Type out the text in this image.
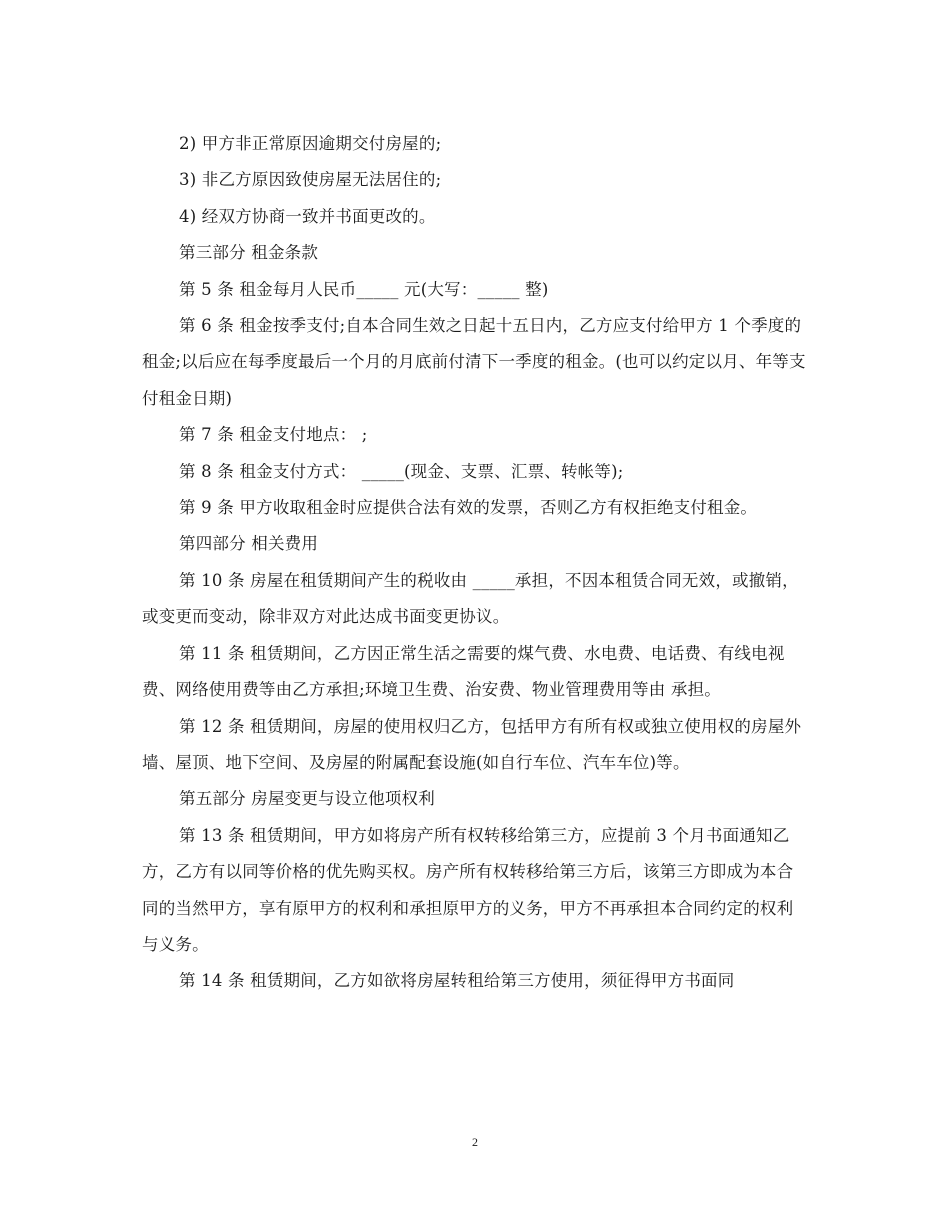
2) 甲方非正常原因逾期交付房屋的;

3) 非乙方原因致使房屋无法居住的;

4) 经双方协商一致并书面更改的。

第三部分 租金条款

第 5 条 租金每月人民币_____ 元(大写：_____ 整)

第 6 条 租金按季支付;自本合同生效之日起十五日内，乙方应支付给甲方 1 个季度的租金;以后应在每季度最后一个月的月底前付清下一季度的租金。(也可以约定以月、年等支付租金日期)

第 7 条 租金支付地点： ;

第 8 条 租金支付方式： _____(现金、支票、汇票、转帐等);

第 9 条 甲方收取租金时应提供合法有效的发票，否则乙方有权拒绝支付租金。

第四部分 相关费用

第 10 条 房屋在租赁期间产生的税收由 _____承担，不因本租赁合同无效，或撤销，或变更而变动，除非双方对此达成书面变更协议。

第 11 条 租赁期间，乙方因正常生活之需要的煤气费、水电费、电话费、有线电视费、网络使用费等由乙方承担;环境卫生费、治安费、物业管理费用等由 承担。

第 12 条 租赁期间，房屋的使用权归乙方，包括甲方有所有权或独立使用权的房屋外墙、屋顶、地下空间、及房屋的附属配套设施(如自行车位、汽车车位)等。

第五部分 房屋变更与设立他项权利

第 13 条 租赁期间，甲方如将房产所有权转移给第三方，应提前 3 个月书面通知乙方，乙方有以同等价格的优先购买权。房产所有权转移给第三方后，该第三方即成为本合同的当然甲方，享有原甲方的权利和承担原甲方的义务，甲方不再承担本合同约定的权利与义务。

第 14 条 租赁期间，乙方如欲将房屋转租给第三方使用，须征得甲方书面同

2
